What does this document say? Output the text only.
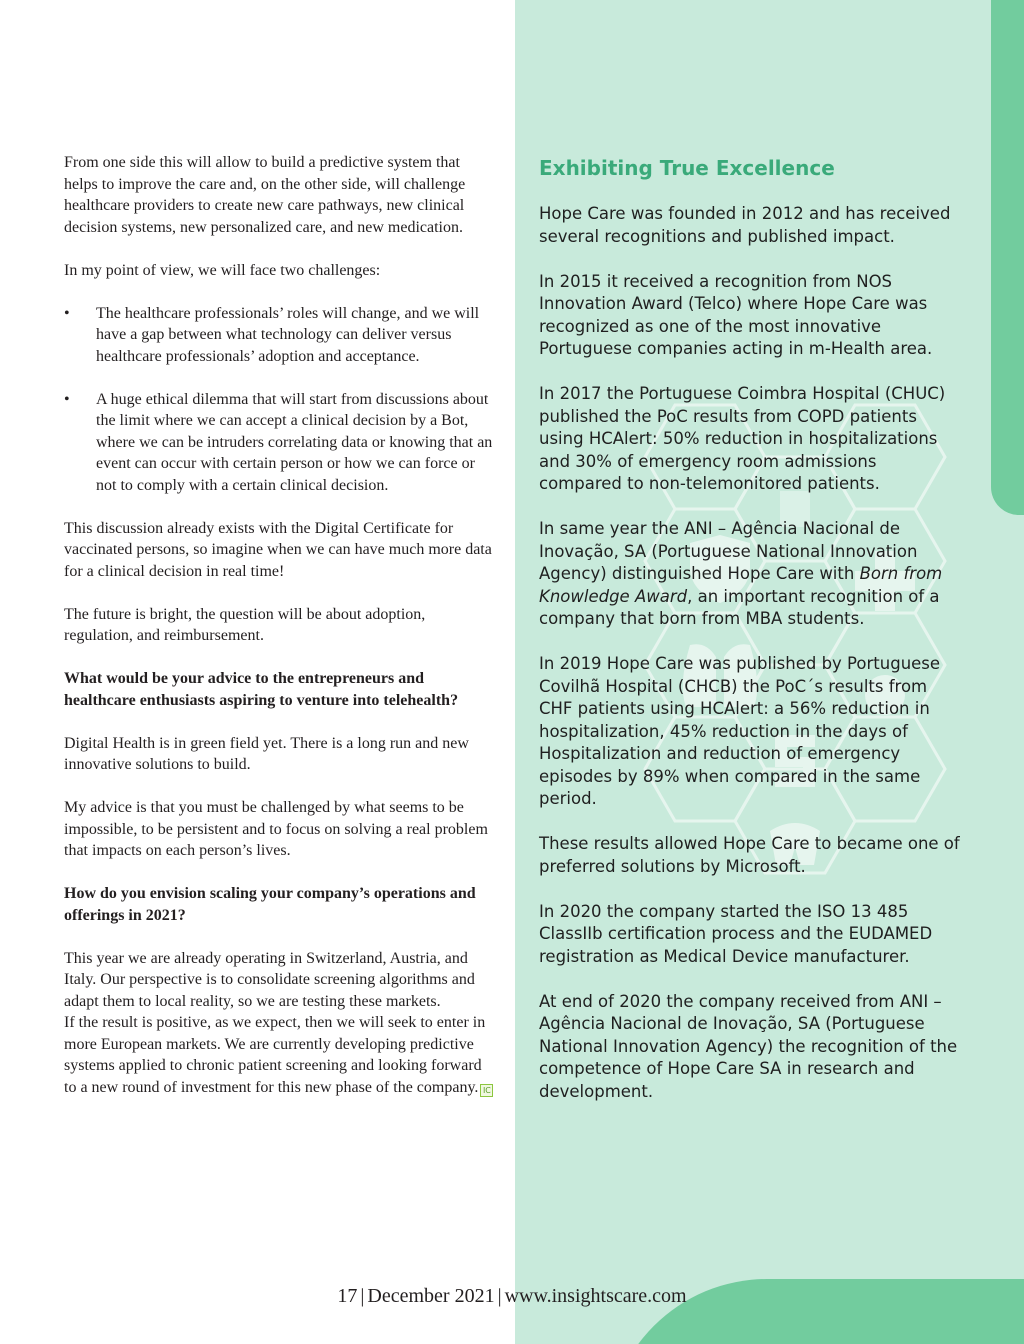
From one side this will allow to build a predictive system that helps to improve the care and, on the other side, will challenge healthcare providers to create new care pathways, new clinical decision systems, new personalized care, and new medication.

In my point of view, we will face two challenges:

• The healthcare professionals’ roles will change, and we will have a gap between what technology can deliver versus healthcare professionals’ adoption and acceptance.
• A huge ethical dilemma that will start from discussions about the limit where we can accept a clinical decision by a Bot, where we can be intruders correlating data or knowing that an event can occur with certain person or how we can force or not to comply with a certain clinical decision.

This discussion already exists with the Digital Certificate for vaccinated persons, so imagine when we can have much more data for a clinical decision in real time!

The future is bright, the question will be about adoption, regulation, and reimbursement.

What would be your advice to the entrepreneurs and healthcare enthusiasts aspiring to venture into telehealth?

Digital Health is in green field yet. There is a long run and new innovative solutions to build.

My advice is that you must be challenged by what seems to be impossible, to be persistent and to focus on solving a real problem that impacts on each person’s lives.

How do you envision scaling your company’s operations and offerings in 2021?

This year we are already operating in Switzerland, Austria, and Italy. Our perspective is to consolidate screening algorithms and adapt them to local reality, so we are testing these markets.

If the result is positive, as we expect, then we will seek to enter in more European markets. We are currently developing predictive systems applied to chronic patient screening and looking forward to a new round of investment for this new phase of the company. IC

Exhibiting True Excellence

Hope Care was founded in 2012 and has received several recognitions and published impact.

In 2015 it received a recognition from NOS Innovation Award (Telco) where Hope Care was recognized as one of the most innovative Portuguese companies acting in m-Health area.

In 2017 the Portuguese Coimbra Hospital (CHUC) published the PoC results from COPD patients using HCAlert: 50% reduction in hospitalizations and 30% of emergency room admissions compared to non-telemonitored patients.

In same year the ANI – Agência Nacional de Inovação, SA (Portuguese National Innovation Agency) distinguished Hope Care with Born from Knowledge Award, an important recognition of a company that born from MBA students.

In 2019 Hope Care was published by Portuguese Covilhã Hospital (CHCB) the PoC´s results from CHF patients using HCAlert: a 56% reduction in hospitalization, 45% reduction in the days of Hospitalization and reduction of emergency episodes by 89% when compared in the same period.

These results allowed Hope Care to became one of preferred solutions by Microsoft.

In 2020 the company started the ISO 13 485 ClassIIb certification process and the EUDAMED registration as Medical Device manufacturer.

At end of 2020 the company received from ANI – Agência Nacional de Inovação, SA (Portuguese National Innovation Agency) the recognition of the competence of Hope Care SA in research and development.

17 | December 2021 | www.insightscare.com
